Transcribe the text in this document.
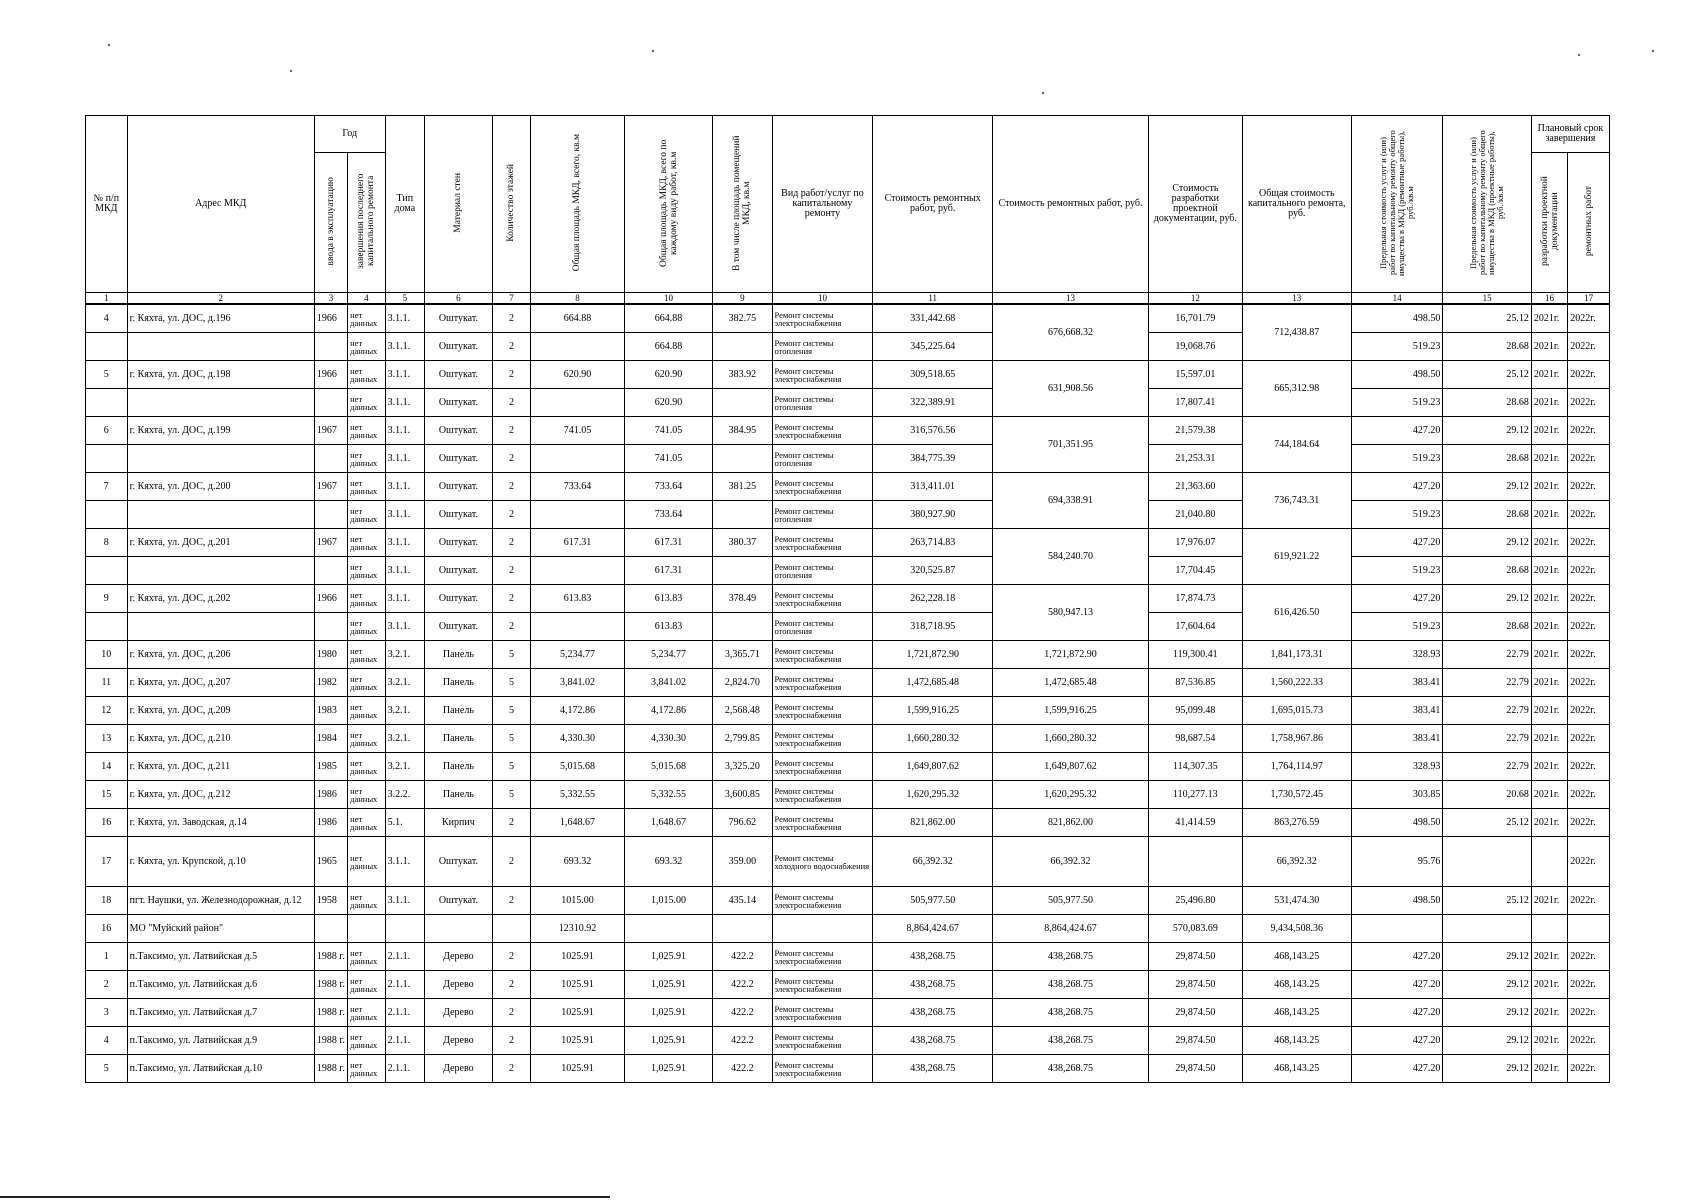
№ п/п МКД	Адрес МКД	Год		Тип дома	Материал стен	Количество этажей	Общая площадь МКД, всего, кв.м	Общая площадь МКД, всего по каждому виду работ, кв.м	В том числе площадь помещений МКД, кв.м	Вид работ/услуг по капитальному ремонту	Стоимость ремонтных работ, руб.	Стоимость ремонтных работ, руб.	Стоимость разработки проектной документации, руб.	Общая стоимость капитального ремонта, руб.	Предельная стоимость услуг и (или) работ по капитальному ремонту общего имущества в МКД (ремонтные работы), руб./кв.м	Предельная стоимость услуг и (или) работ по капитальному ремонту общего имущества в МКД (проектные работы), руб./кв.м	Плановый срок завершения	
		ввода в эксплуатацию	завершения последнего капитального ремонта														разработки проектной документации	ремонтных работ
1	2	3	4	5	6	7	8	10	9	10	11	13	12	13	14	15	16	17
4	г. Кяхта, ул. ДОС, д.196	1966	нет данных	3.1.1.	Оштукат.	2	664.88	664.88	382.75	Ремонт системы электроснабжения	331,442.68	676,668.32	16,701.79	712,438.87	498.50	25.12	2021г.	2022г.
			нет данных	3.1.1.	Оштукат.	2		664.88		Ремонт системы отопления	345,225.64		19,068.76		519.23	28.68	2021г.	2022г.
5	г. Кяхта, ул. ДОС, д.198	1966	нет данных	3.1.1.	Оштукат.	2	620.90	620.90	383.92	Ремонт системы электроснабжения	309,518.65	631,908.56	15,597.01	665,312.98	498.50	25.12	2021г.	2022г.
			нет данных	3.1.1.	Оштукат.	2		620.90		Ремонт системы отопления	322,389.91		17,807.41		519.23	28.68	2021г.	2022г.
6	г. Кяхта, ул. ДОС, д.199	1967	нет данных	3.1.1.	Оштукат.	2	741.05	741.05	384.95	Ремонт системы электроснабжения	316,576.56	701,351.95	21,579.38	744,184.64	427.20	29.12	2021г.	2022г.
			нет данных	3.1.1.	Оштукат.	2		741.05		Ремонт системы отопления	384,775.39		21,253.31		519.23	28.68	2021г.	2022г.
7	г. Кяхта, ул. ДОС, д.200	1967	нет данных	3.1.1.	Оштукат.	2	733.64	733.64	381.25	Ремонт системы электроснабжения	313,411.01	694,338.91	21,363.60	736,743.31	427.20	29.12	2021г.	2022г.
			нет данных	3.1.1.	Оштукат.	2		733.64		Ремонт системы отопления	380,927.90		21,040.80		519.23	28.68	2021г.	2022г.
8	г. Кяхта, ул. ДОС, д.201	1967	нет данных	3.1.1.	Оштукат.	2	617.31	617.31	380.37	Ремонт системы электроснабжения	263,714.83	584,240.70	17,976.07	619,921.22	427.20	29.12	2021г.	2022г.
			нет данных	3.1.1.	Оштукат.	2		617.31		Ремонт системы отопления	320,525.87		17,704.45		519.23	28.68	2021г.	2022г.
9	г. Кяхта, ул. ДОС, д.202	1966	нет данных	3.1.1.	Оштукат.	2	613.83	613.83	378.49	Ремонт системы электроснабжения	262,228.18	580,947.13	17,874.73	616,426.50	427.20	29.12	2021г.	2022г.
			нет данных	3.1.1.	Оштукат.	2		613.83		Ремонт системы отопления	318,718.95		17,604.64		519.23	28.68	2021г.	2022г.
10	г. Кяхта, ул. ДОС, д.206	1980	нет данных	3.2.1.	Панель	5	5,234.77	5,234.77	3,365.71	Ремонт системы электроснабжения	1,721,872.90	1,721,872.90	119,300.41	1,841,173.31	328.93	22.79	2021г.	2022г.
11	г. Кяхта, ул. ДОС, д.207	1982	нет данных	3.2.1.	Панель	5	3,841.02	3,841.02	2,824.70	Ремонт системы электроснабжения	1,472,685.48	1,472,685.48	87,536.85	1,560,222.33	383.41	22.79	2021г.	2022г.
12	г. Кяхта, ул. ДОС, д.209	1983	нет данных	3.2.1.	Панель	5	4,172.86	4,172.86	2,568.48	Ремонт системы электроснабжения	1,599,916.25	1,599,916.25	95,099.48	1,695,015.73	383.41	22.79	2021г.	2022г.
13	г. Кяхта, ул. ДОС, д.210	1984	нет данных	3.2.1.	Панель	5	4,330.30	4,330.30	2,799.85	Ремонт системы электроснабжения	1,660,280.32	1,660,280.32	98,687.54	1,758,967.86	383.41	22.79	2021г.	2022г.
14	г. Кяхта, ул. ДОС, д.211	1985	нет данных	3.2.1.	Панель	5	5,015.68	5,015.68	3,325.20	Ремонт системы электроснабжения	1,649,807.62	1,649,807.62	114,307.35	1,764,114.97	328.93	22.79	2021г.	2022г.
15	г. Кяхта, ул. ДОС, д.212	1986	нет данных	3.2.2.	Панель	5	5,332.55	5,332.55	3,600.85	Ремонт системы электроснабжения	1,620,295.32	1,620,295.32	110,277.13	1,730,572.45	303.85	20.68	2021г.	2022г.
16	г. Кяхта, ул. Заводская, д.14	1986	нет данных	5.1.	Кирпич	2	1,648.67	1,648.67	796.62	Ремонт системы электроснабжения	821,862.00	821,862.00	41,414.59	863,276.59	498.50	25.12	2021г.	2022г.
17	г. Кяхта, ул. Крупской, д.10	1965	нет данных	3.1.1.	Оштукат.	2	693.32	693.32	359.00	Ремонт системы холодного водоснабжения	66,392.32	66,392.32		66,392.32	95.76			2022г.
18	пгт. Наушки, ул. Железнодорожная, д.12	1958	нет данных	3.1.1.	Оштукат.	2	1015.00	1,015.00	435.14	Ремонт системы электроснабжения	505,977.50	505,977.50	25,496.80	531,474.30	498.50	25.12	2021г.	2022г.
16	МО "Муйский район"						12310.92				8,864,424.67	8,864,424.67	570,083.69	9,434,508.36				
1	п.Таксимо, ул. Латвийская д.5	1988 г.	нет данных	2.1.1.	Дерево	2	1025.91	1,025.91	422.2	Ремонт системы электроснабжения	438,268.75	438,268.75	29,874.50	468,143.25	427.20	29.12	2021г.	2022г.
2	п.Таксимо, ул. Латвийская д.6	1988 г.	нет данных	2.1.1.	Дерево	2	1025.91	1,025.91	422.2	Ремонт системы электроснабжения	438,268.75	438,268.75	29,874.50	468,143.25	427.20	29.12	2021г.	2022г.
3	п.Таксимо, ул. Латвийская д.7	1988 г.	нет данных	2.1.1.	Дерево	2	1025.91	1,025.91	422.2	Ремонт системы электроснабжения	438,268.75	438,268.75	29,874.50	468,143.25	427.20	29.12	2021г.	2022г.
4	п.Таксимо, ул. Латвийская д.9	1988 г.	нет данных	2.1.1.	Дерево	2	1025.91	1,025.91	422.2	Ремонт системы электроснабжения	438,268.75	438,268.75	29,874.50	468,143.25	427.20	29.12	2021г.	2022г.
5	п.Таксимо, ул. Латвийская д.10	1988 г.	нет данных	2.1.1.	Дерево	2	1025.91	1,025.91	422.2	Ремонт системы электроснабжения	438,268.75	438,268.75	29,874.50	468,143.25	427.20	29.12	2021г.	2022г.
